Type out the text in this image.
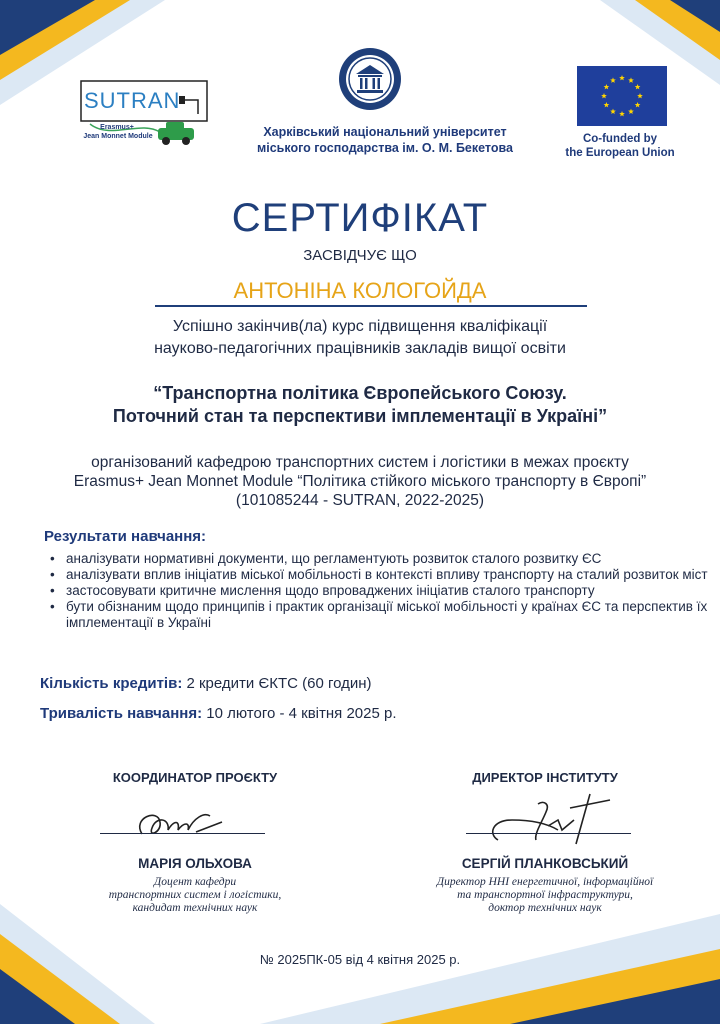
SUTRAN
Erasmus+
Jean Monnet Module	Харківський національний університет
міського господарства ім. О. М. Бекетова
Co-funded by
the European Union
СЕРТИФІКАТ
ЗАСВІДЧУЄ ЩО
АНТОНІНА КОЛОГОЙДА
Успішно закінчив(ла) курс підвищення кваліфікації
науково-педагогічних працівників закладів вищої освіти
“Транспортна політика Європейського Союзу.
Поточний стан та перспективи імплементації в Україні”
організований кафедрою транспортних систем і логістики в межах проєкту
Erasmus+ Jean Monnet Module “Політика стійкого міського транспорту в Європі”
(101085244 - SUTRAN, 2022-2025)
Результати навчання:
• аналізувати нормативні документи, що регламентують розвиток сталого розвитку ЄС
• аналізувати вплив ініціатив міської мобільності в контексті впливу транспорту на сталий розвиток міст
• застосовувати критичне мислення щодо впроваджених ініціатив сталого транспорту
• бути обізнаним щодо принципів і практик організації міської мобільності у країнах ЄС та перспектив їх імплементації в Україні
Кількість кредитів: 2 кредити ЄКТС (60 годин)
Тривалість навчання: 10 лютого - 4 квітня 2025 р.
КООРДИНАТОР ПРОЄКТУ
МАРІЯ ОЛЬХОВА
Доцент кафедри
транспортних систем і логістики,
кандидат технічних наук
ДИРЕКТОР ІНСТИТУТУ
СЕРГІЙ ПЛАНКОВСЬКИЙ
Директор ННІ енергетичної, інформаційної
та транспортної інфраструктури,
доктор технічних наук
№ 2025ПК-05 від 4 квітня 2025 р.
